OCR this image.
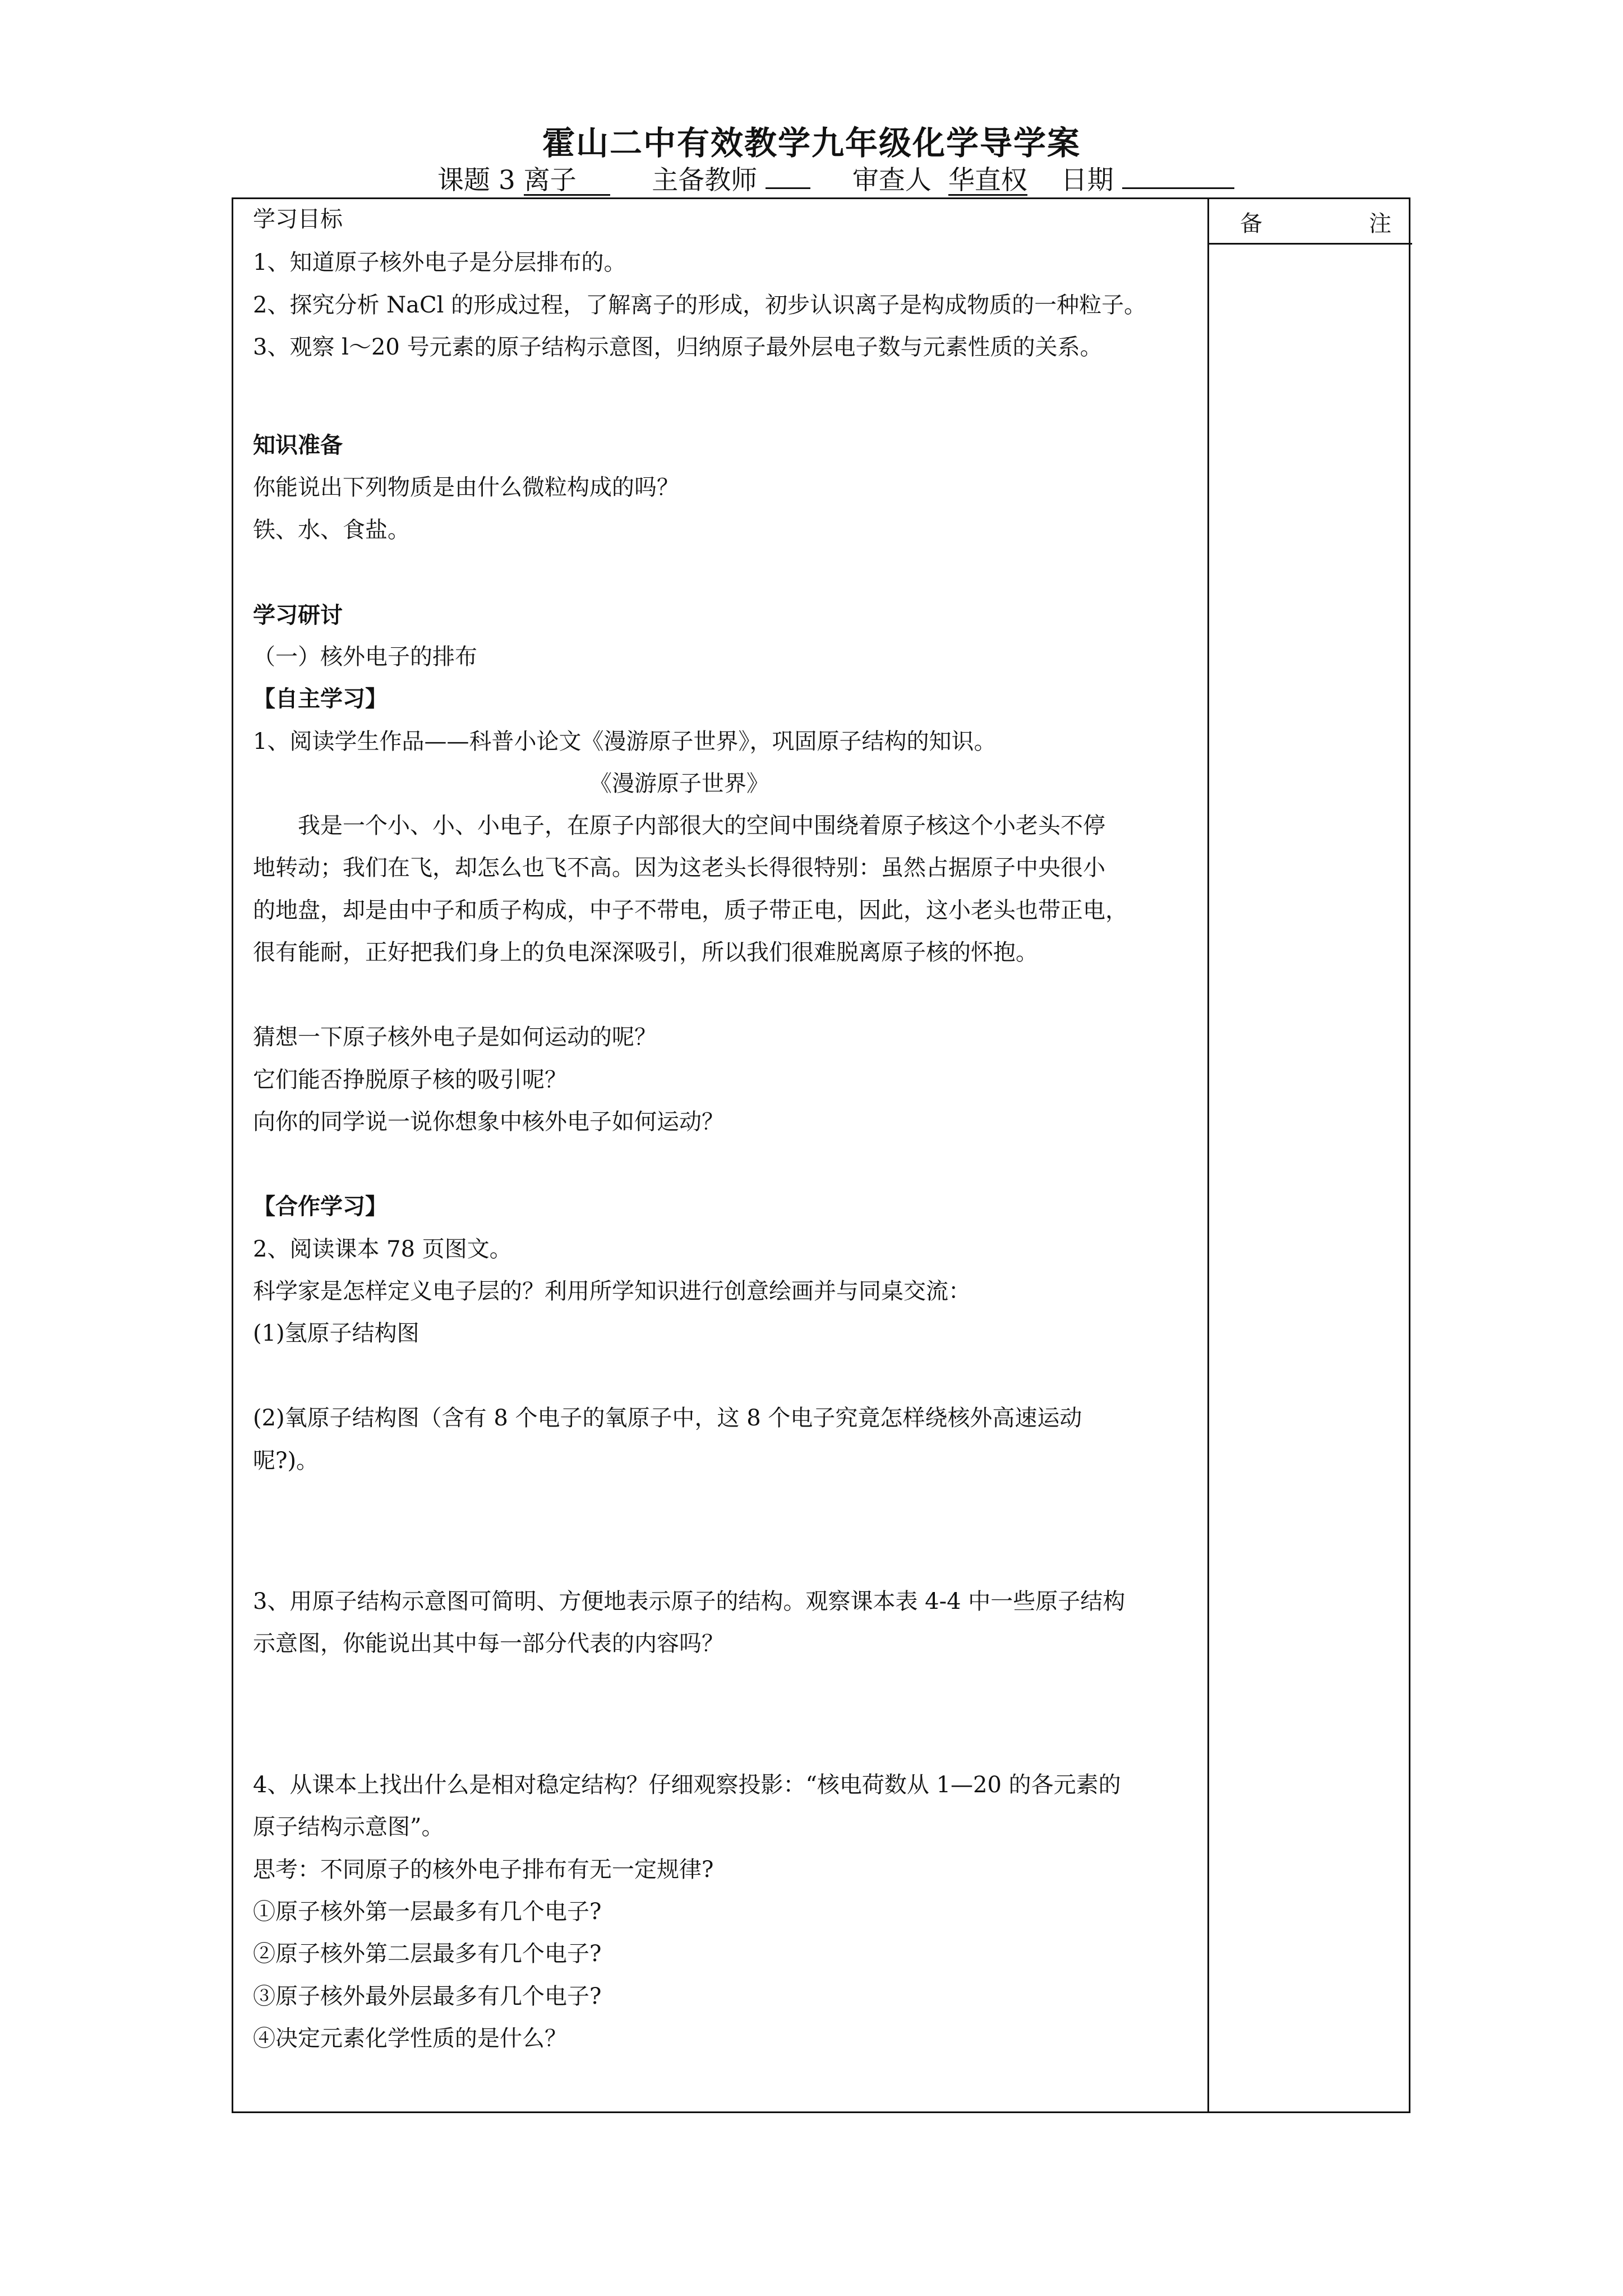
霍山二中有效教学九年级化学导学案
课题 3 离子	主备教师	审查人 华直权 日期
备	注
学习目标
1、知道原子核外电子是分层排布的。
2、探究分析 NaCl 的形成过程，了解离子的形成，初步认识离子是构成物质的一种粒子。
3、观察 l～20 号元素的原子结构示意图，归纳原子最外层电子数与元素性质的关系。
知识准备
你能说出下列物质是由什么微粒构成的吗？
铁、水、食盐。
学习研讨
（一）核外电子的排布
【自主学习】
1、阅读学生作品——科普小论文《漫游原子世界》，巩固原子结构的知识。
《漫游原子世界》
我是一个小、小、小电子，在原子内部很大的空间中围绕着原子核这个小老头不停
地转动；我们在飞，却怎么也飞不高。因为这老头长得很特别：虽然占据原子中央很小
的地盘，却是由中子和质子构成，中子不带电，质子带正电，因此，这小老头也带正电，
很有能耐，正好把我们身上的负电深深吸引，所以我们很难脱离原子核的怀抱。
猜想一下原子核外电子是如何运动的呢？
它们能否挣脱原子核的吸引呢？
向你的同学说一说你想象中核外电子如何运动？
【合作学习】
2、阅读课本 78 页图文。
科学家是怎样定义电子层的？利用所学知识进行创意绘画并与同桌交流：
(1)氢原子结构图
(2)氧原子结构图（含有 8 个电子的氧原子中，这 8 个电子究竟怎样绕核外高速运动
呢?)。
3、用原子结构示意图可简明、方便地表示原子的结构。观察课本表 4-4 中一些原子结构
示意图，你能说出其中每一部分代表的内容吗？
4、从课本上找出什么是相对稳定结构？仔细观察投影：“核电荷数从 1—20 的各元素的
原子结构示意图”。
思考：不同原子的核外电子排布有无一定规律?
①原子核外第一层最多有几个电子?
②原子核外第二层最多有几个电子?
③原子核外最外层最多有几个电子?
④决定元素化学性质的是什么？
